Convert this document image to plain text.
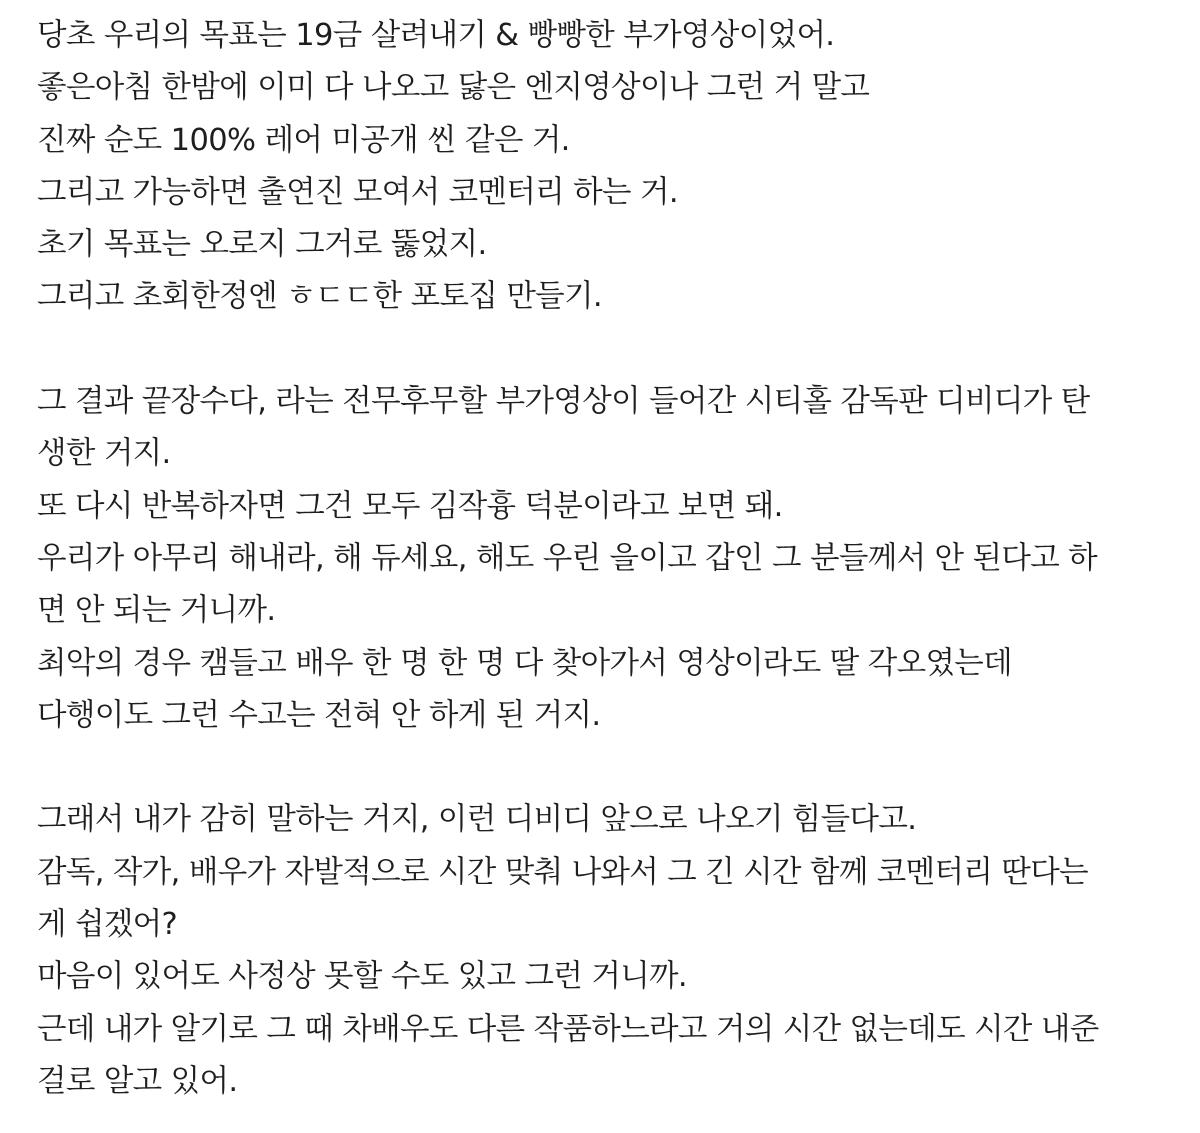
당초 우리의 목표는 19금 살려내기 & 빵빵한 부가영상이었어.
좋은아침 한밤에 이미 다 나오고 닳은 엔지영상이나 그런 거 말고
진짜 순도 100% 레어 미공개 씬 같은 거.
그리고 가능하면 출연진 모여서 코멘터리 하는 거.
초기 목표는 오로지 그거로 뚫었지.
그리고 초회한정엔 ㅎㄷㄷ한 포토집 만들기.
그 결과 끝장수다, 라는 전무후무할 부가영상이 들어간 시티홀 감독판 디비디가 탄
생한 거지.
또 다시 반복하자면 그건 모두 김작흉 덕분이라고 보면 돼.
우리가 아무리 해내라, 해 듀세요, 해도 우린 을이고 갑인 그 분들께서 안 된다고 하
면 안 되는 거니까.
최악의 경우 캠들고 배우 한 명 한 명 다 찾아가서 영상이라도 딸 각오였는데
다행이도 그런 수고는 전혀 안 하게 된 거지.
그래서 내가 감히 말하는 거지, 이런 디비디 앞으로 나오기 힘들다고.
감독, 작가, 배우가 자발적으로 시간 맞춰 나와서 그 긴 시간 함께 코멘터리 딴다는
게 쉽겠어?
마음이 있어도 사정상 못할 수도 있고 그런 거니까.
근데 내가 알기로 그 때 차배우도 다른 작품하느라고 거의 시간 없는데도 시간 내준
걸로 알고 있어.
